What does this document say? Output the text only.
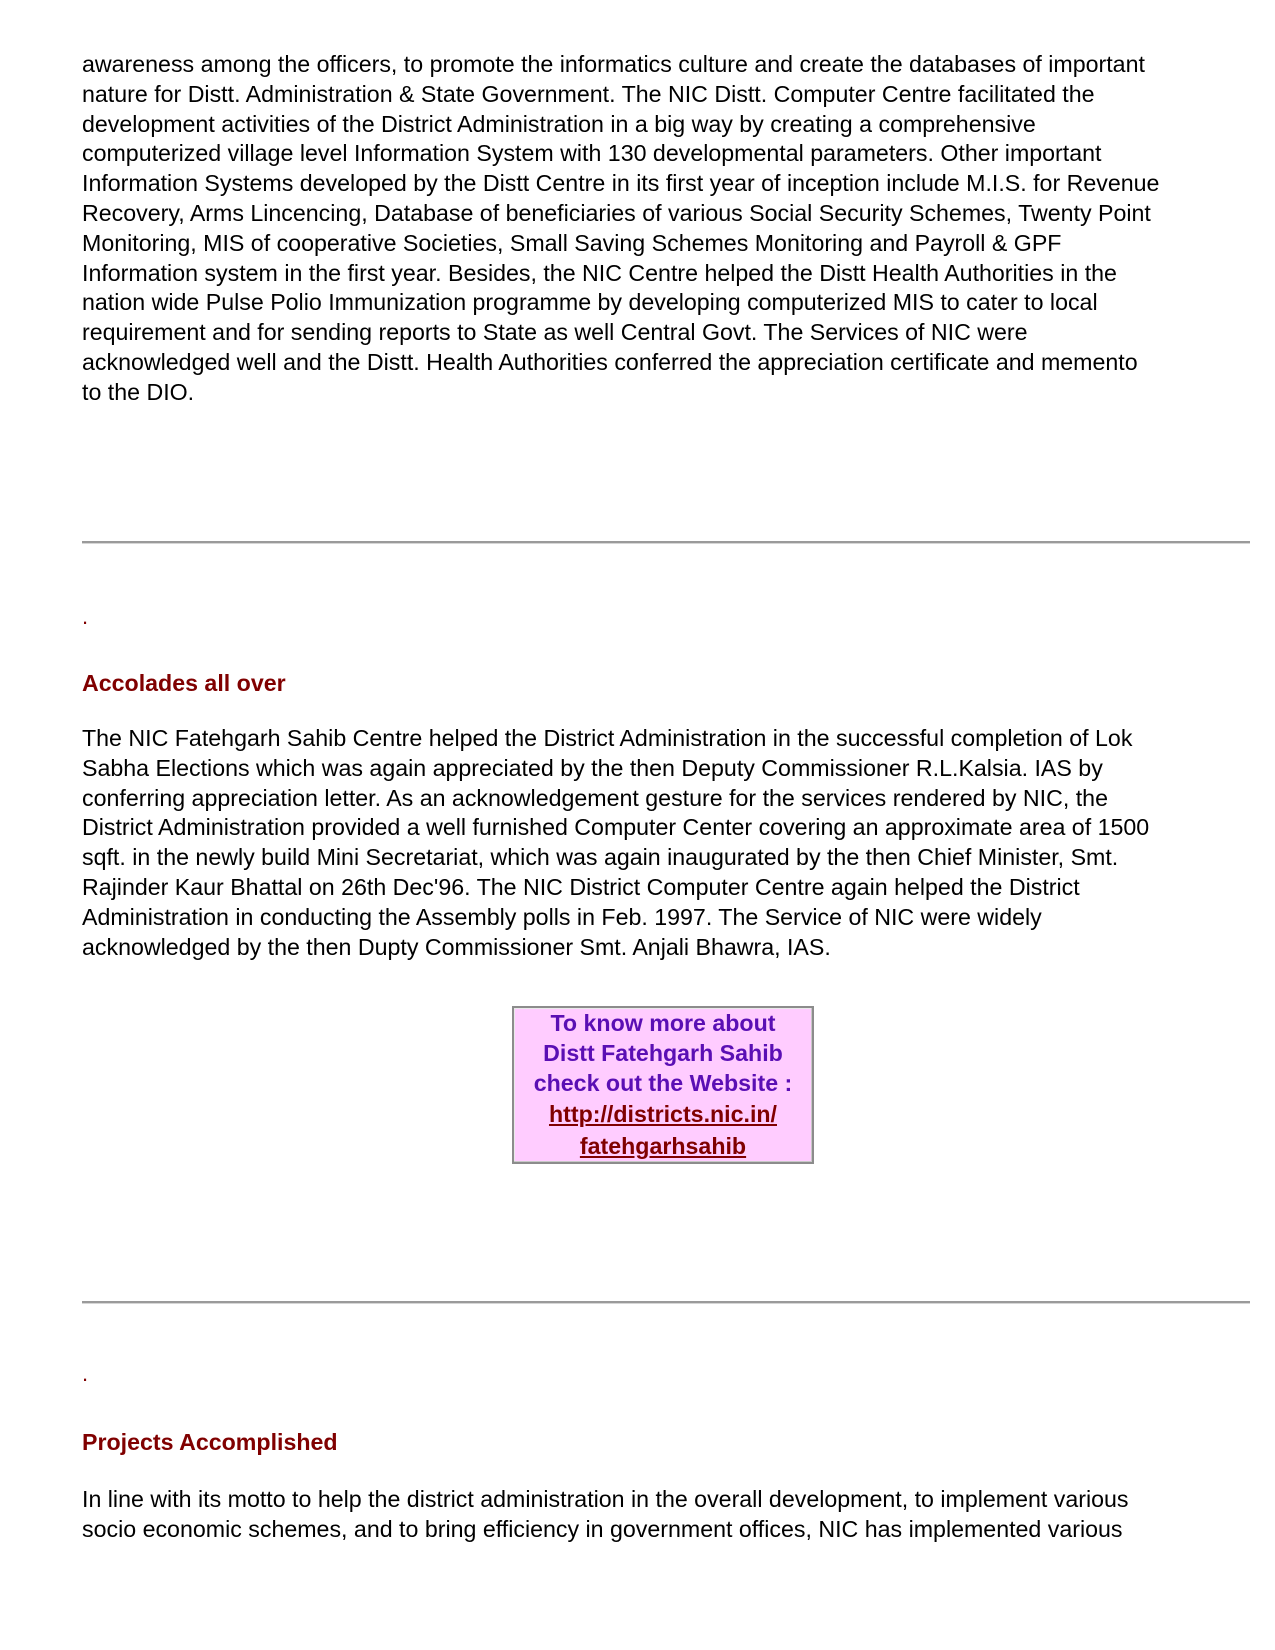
awareness among the officers, to promote the informatics culture and create the databases of important
nature for Distt. Administration & State Government. The NIC Distt. Computer Centre facilitated the
development activities of the District Administration in a big way by creating a comprehensive
computerized village level Information System with 130 developmental parameters. Other important
Information Systems developed by the Distt Centre in its first year of inception include M.I.S. for Revenue
Recovery, Arms Lincencing, Database of beneficiaries of various Social Security Schemes, Twenty Point
Monitoring, MIS of cooperative Societies, Small Saving Schemes Monitoring and Payroll & GPF
Information system in the first year. Besides, the NIC Centre helped the Distt Health Authorities in the
nation wide Pulse Polio Immunization programme by developing computerized MIS to cater to local
requirement and for sending reports to State as well Central Govt. The Services of NIC were
acknowledged well and the Distt. Health Authorities conferred the appreciation certificate and memento
to the DIO.

.
Accolades all over

The NIC Fatehgarh Sahib Centre helped the District Administration in the successful completion of Lok
Sabha Elections which was again appreciated by the then Deputy Commissioner R.L.Kalsia. IAS by
conferring appreciation letter. As an acknowledgement gesture for the services rendered by NIC, the
District Administration provided a well furnished Computer Center covering an approximate area of 1500
sqft. in the newly build Mini Secretariat, which was again inaugurated by the then Chief Minister, Smt.
Rajinder Kaur Bhattal on 26th Dec'96. The NIC District Computer Centre again helped the District
Administration in conducting the Assembly polls in Feb. 1997. The Service of NIC were widely
acknowledged by the then Dupty Commissioner Smt. Anjali Bhawra, IAS.

To know more about
Distt Fatehgarh Sahib
check out the Website :
http://districts.nic.in/
fatehgarhsahib
.
Projects Accomplished

In line with its motto to help the district administration in the overall development, to implement various
socio economic schemes, and to bring efficiency in government offices, NIC has implemented various
